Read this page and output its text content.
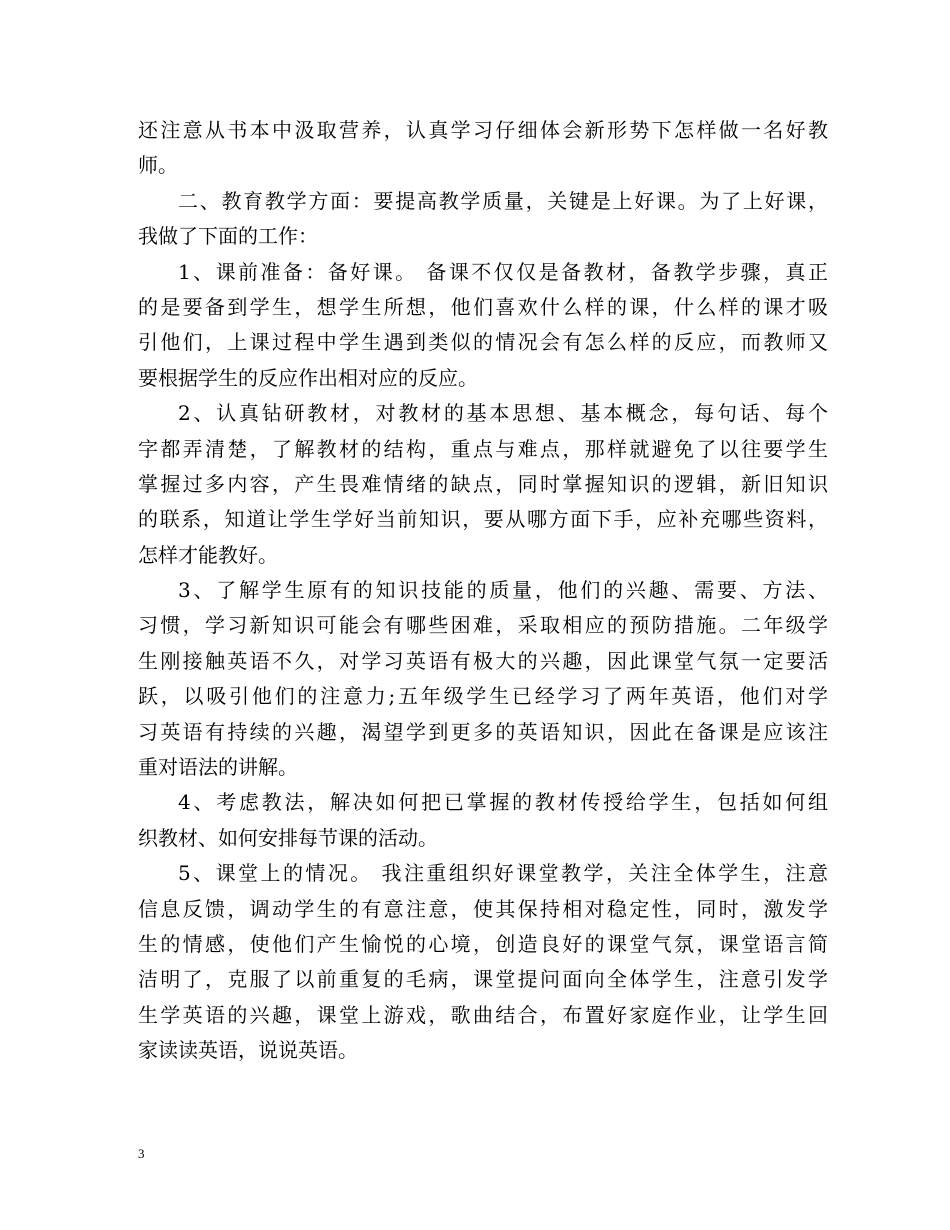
还注意从书本中汲取营养，认真学习仔细体会新形势下怎样做一名好教
师。
二、教育教学方面：要提高教学质量，关键是上好课。为了上好课，
我做了下面的工作：
1、课前准备：备好课。 备课不仅仅是备教材，备教学步骤，真正
的是要备到学生，想学生所想，他们喜欢什么样的课，什么样的课才吸
引他们，上课过程中学生遇到类似的情况会有怎么样的反应，而教师又
要根据学生的反应作出相对应的反应。
2、认真钻研教材，对教材的基本思想、基本概念，每句话、每个
字都弄清楚，了解教材的结构，重点与难点，那样就避免了以往要学生
掌握过多内容，产生畏难情绪的缺点，同时掌握知识的逻辑，新旧知识
的联系，知道让学生学好当前知识，要从哪方面下手，应补充哪些资料，
怎样才能教好。
3、了解学生原有的知识技能的质量，他们的兴趣、需要、方法、
习惯，学习新知识可能会有哪些困难，采取相应的预防措施。二年级学
生刚接触英语不久，对学习英语有极大的兴趣，因此课堂气氛一定要活
跃，以吸引他们的注意力;五年级学生已经学习了两年英语，他们对学
习英语有持续的兴趣，渴望学到更多的英语知识，因此在备课是应该注
重对语法的讲解。
4、考虑教法，解决如何把已掌握的教材传授给学生，包括如何组
织教材、如何安排每节课的活动。
5、课堂上的情况。 我注重组织好课堂教学，关注全体学生，注意
信息反馈，调动学生的有意注意，使其保持相对稳定性，同时，激发学
生的情感，使他们产生愉悦的心境，创造良好的课堂气氛，课堂语言简
洁明了，克服了以前重复的毛病，课堂提问面向全体学生，注意引发学
生学英语的兴趣，课堂上游戏，歌曲结合，布置好家庭作业，让学生回
家读读英语，说说英语。
3
